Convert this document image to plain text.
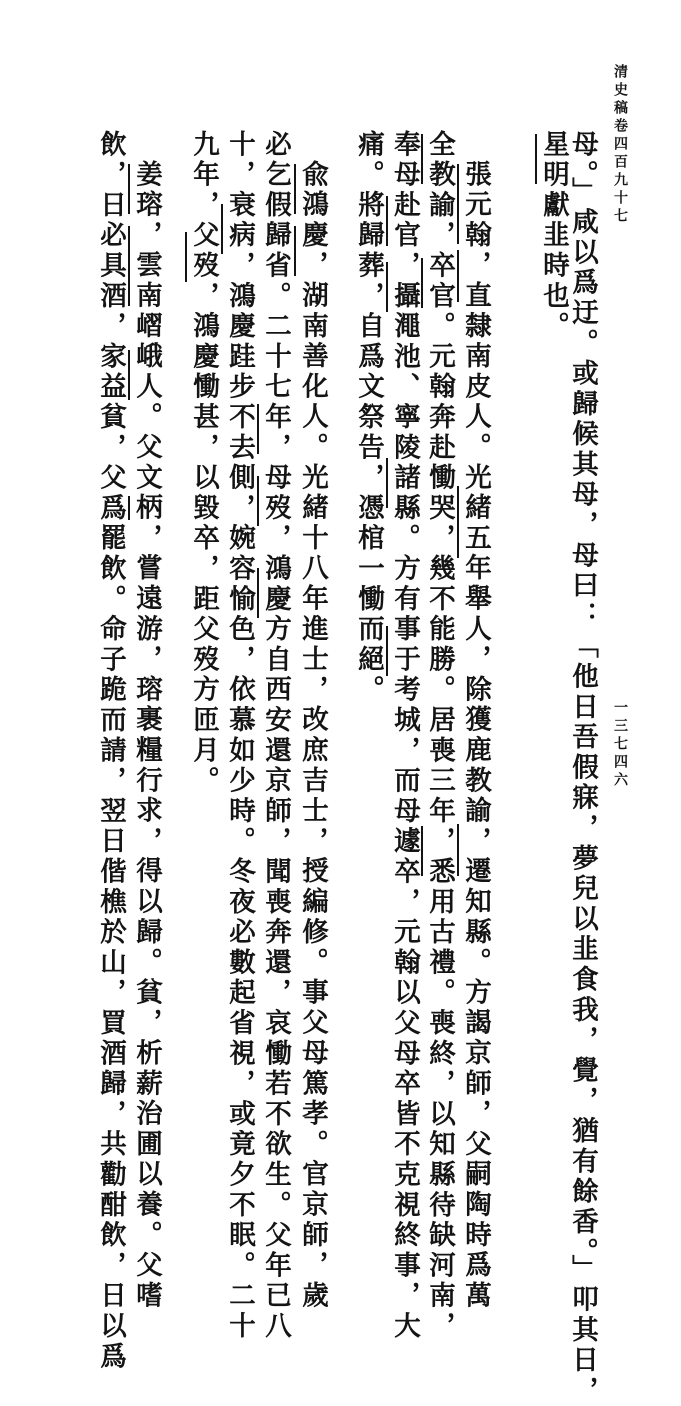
清史稿卷四百九十七
一三七四六
星明獻韭時也。
母。」咸以爲迂。或歸候其母，母曰：「他日吾假寐，夢兒以韭食我，覺，猶有餘香。」叩其日，
張元翰，直隸南皮人。光緒五年舉人，除獲鹿教諭，遷知縣。方謁京師，父嗣陶時爲萬
全教諭，卒官。元翰奔赴慟哭，幾不能勝。居喪三年，悉用古禮。喪終，以知縣待缺河南，
奉母赴官，攝澠池、寧陵諸縣。方有事于考城，而母遽卒，元翰以父母卒皆不克視終事，大
痛。將歸葬，自爲文祭告，憑棺一慟而絕。
兪鴻慶，湖南善化人。光緒十八年進士，改庶吉士，授編修。事父母篤孝。官京師，歲
必乞假歸省。二十七年，母歿，鴻慶方自西安還京師，聞喪奔還，哀慟若不欲生。父年已八
十，衰病，鴻慶跬步不去側，婉容愉色，依慕如少時。冬夜必數起省視，或竟夕不眠。二十
九年，父歿，鴻慶慟甚，以毀卒，距父歿方匝月。
姜瑢，雲南嶍峨人。父文柄，嘗遠游，瑢裹糧行求，得以歸。貧，析薪治圃以養。父嗜
飲，日必具酒，家益貧，父爲罷飲。命子跪而請，翌日偕樵於山，買酒歸，共勸酣飲，日以爲
